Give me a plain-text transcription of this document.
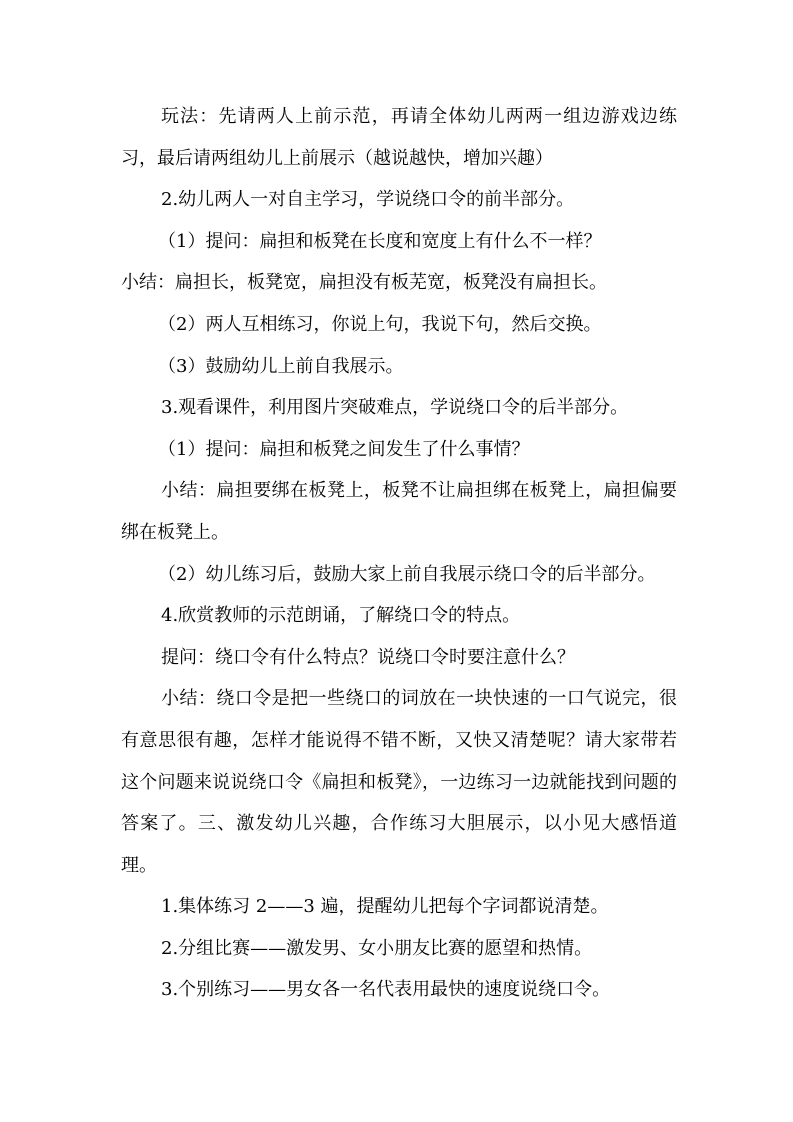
玩法：先请两人上前示范，再请全体幼儿两两一组边游戏边练习，最后请两组幼儿上前展示（越说越快，增加兴趣）

2.幼儿两人一对自主学习，学说绕口令的前半部分。

（1）提问：扁担和板凳在长度和宽度上有什么不一样？

小结：扁担长，板凳宽，扁担没有板芜宽，板凳没有扁担长。

（2）两人互相练习，你说上句，我说下句，然后交换。

（3）鼓励幼儿上前自我展示。

3.观看课件，利用图片突破难点，学说绕口令的后半部分。

（1）提问：扁担和板凳之间发生了什么事情？

小结：扁担要绑在板凳上，板凳不让扁担绑在板凳上，扁担偏要绑在板凳上。

（2）幼儿练习后，鼓励大家上前自我展示绕口令的后半部分。

4.欣赏教师的示范朗诵，了解绕口令的特点。

提问：绕口令有什么特点？说绕口令时要注意什么？

小结：绕口令是把一些绕口的词放在一块快速的一口气说完，很有意思很有趣，怎样才能说得不错不断，又快又清楚呢？请大家带若这个问题来说说绕口令《扁担和板凳》，一边练习一边就能找到问题的答案了。三、激发幼儿兴趣，合作练习大胆展示，以小见大感悟道理。

1.集体练习 2——3 遍，提醒幼儿把每个字词都说清楚。

2.分组比赛——激发男、女小朋友比赛的愿望和热情。

3.个别练习——男女各一名代表用最快的速度说绕口令。
